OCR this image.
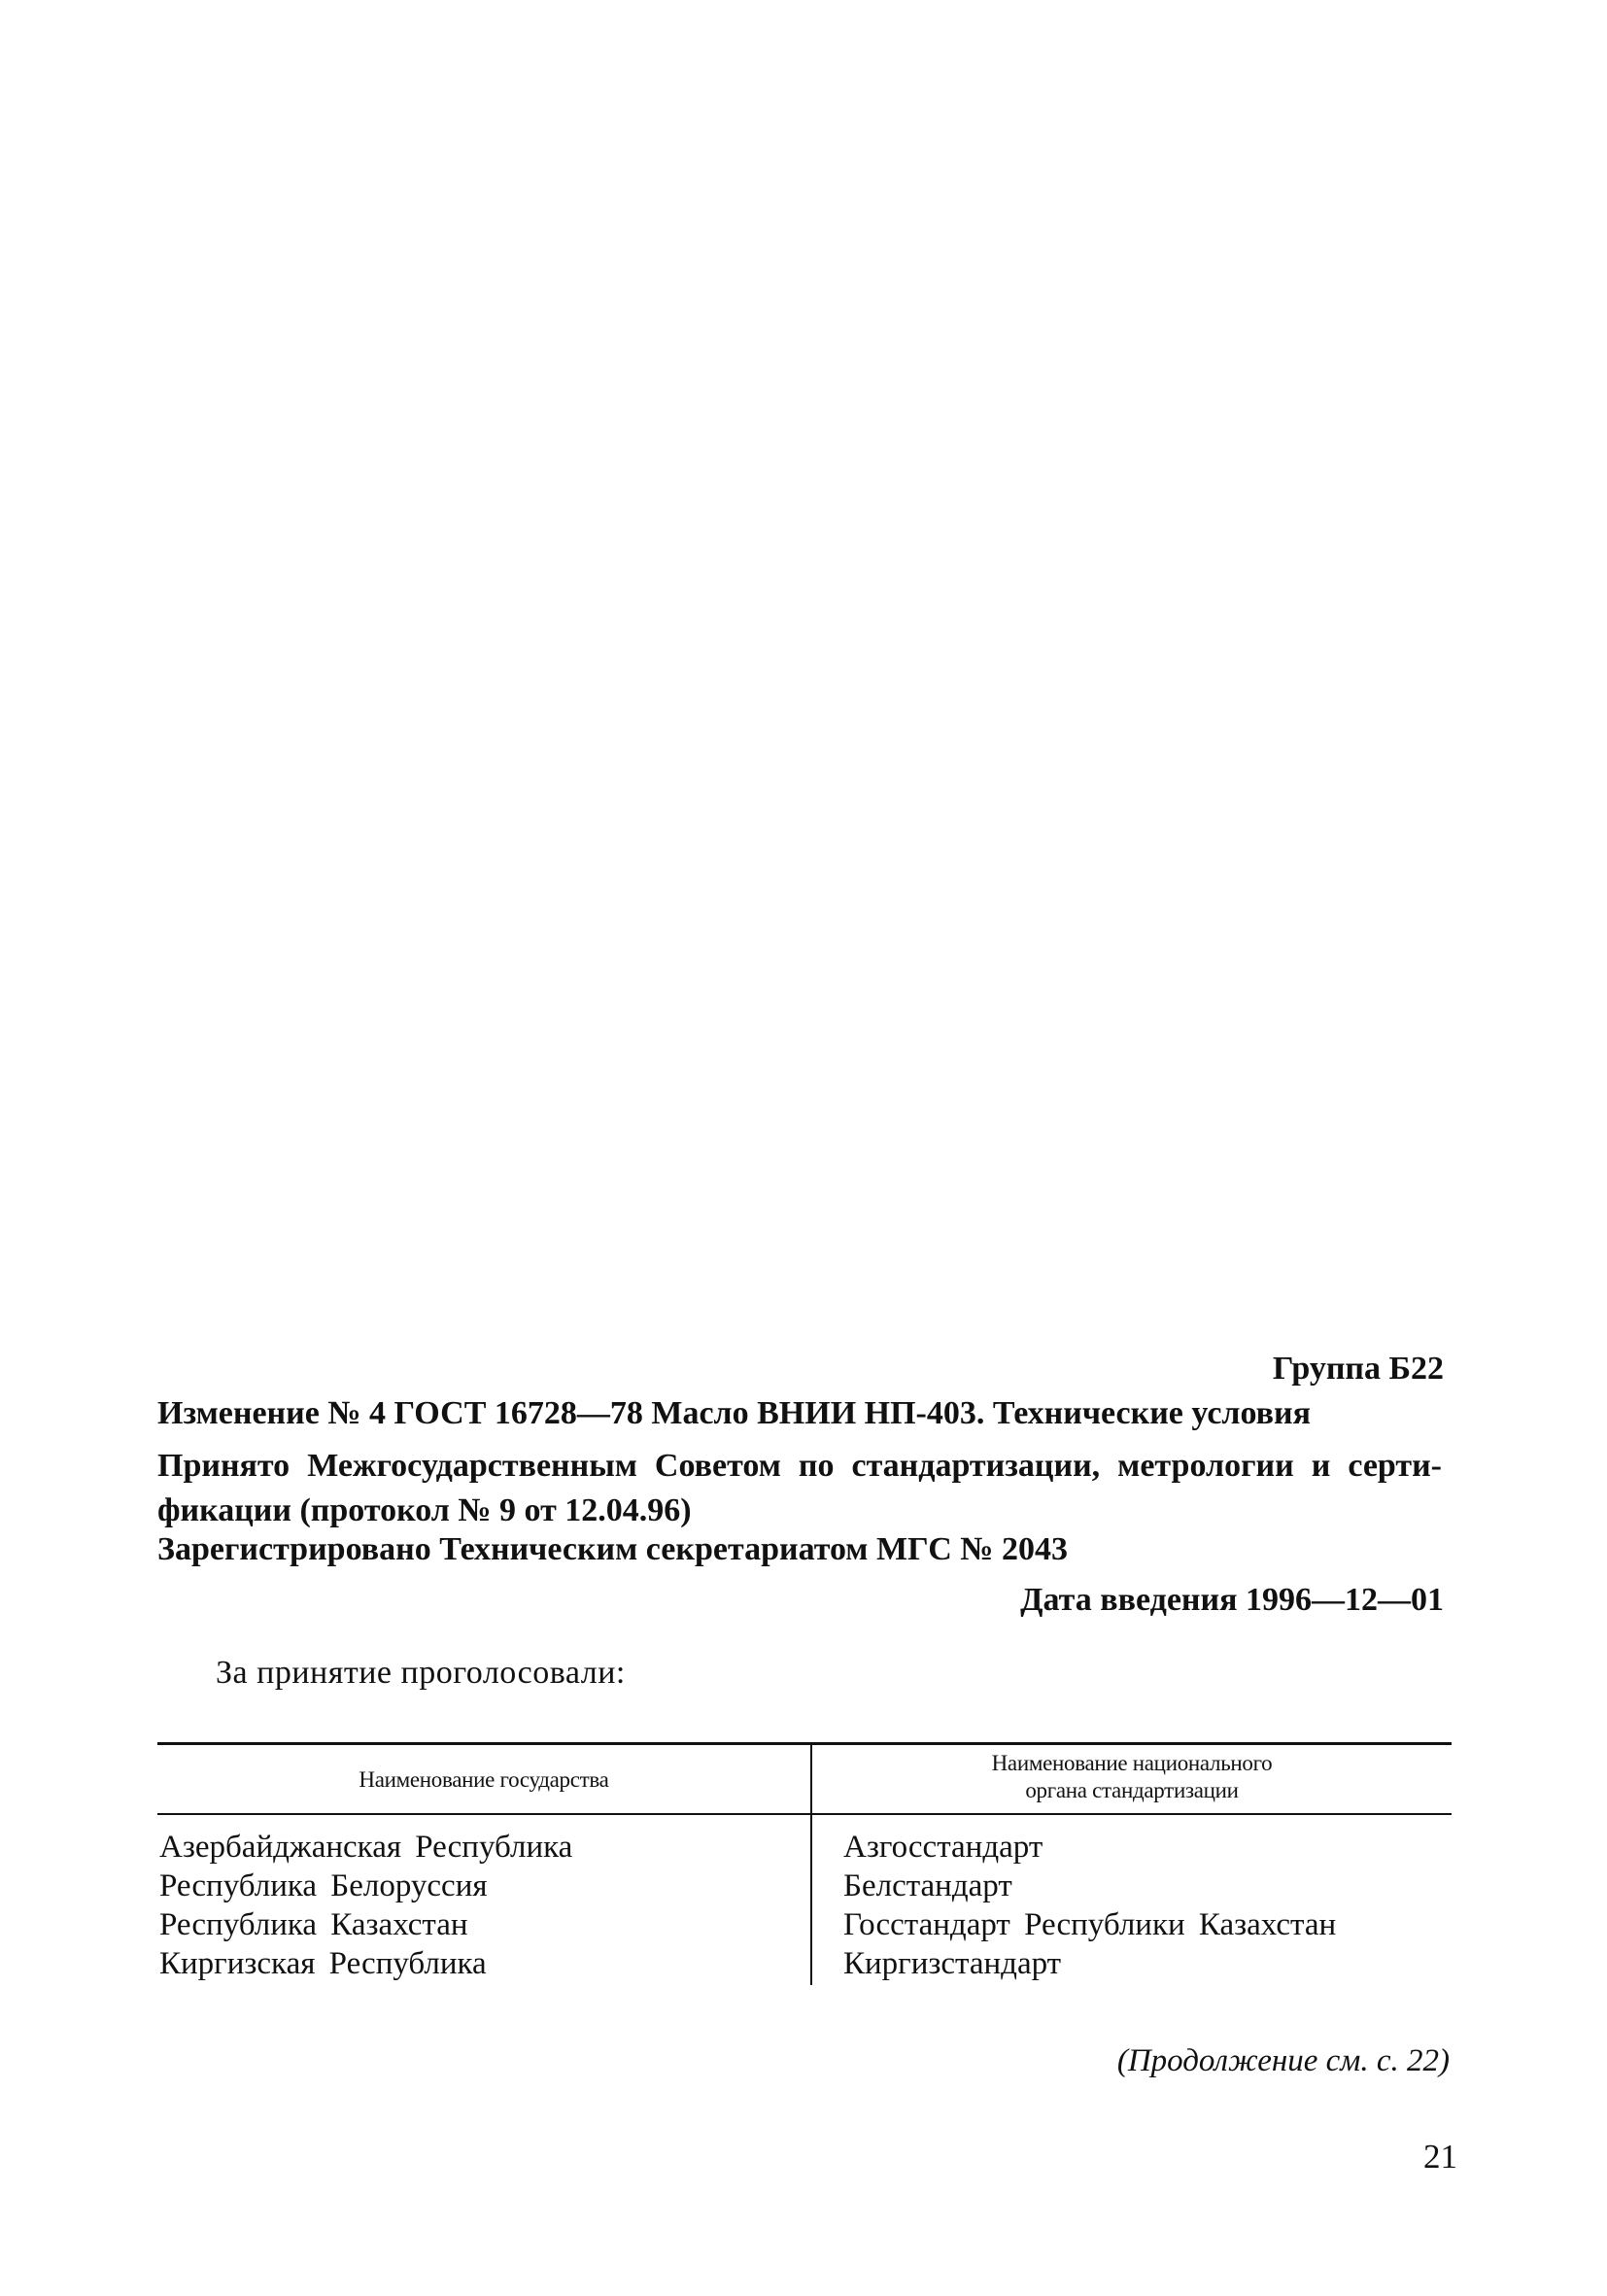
Группа Б22
Изменение № 4 ГОСТ 16728—78 Масло ВНИИ НП-403. Технические условия
Принято Межгосударственным Советом по стандартизации, метрологии и серти-
фикации (протокол № 9 от 12.04.96)
Зарегистрировано Техническим секретариатом МГС № 2043
Дата введения 1996—12—01
За принятие проголосовали:
Наименование государства
Наименование национального
органа стандартизации
Азербайджанская Республика
Республика Белоруссия
Республика Казахстан
Киргизская Республика
Азгосстандарт
Белстандарт
Госстандарт Республики Казахстан
Киргизстандарт
(Продолжение см. с. 22)
21
